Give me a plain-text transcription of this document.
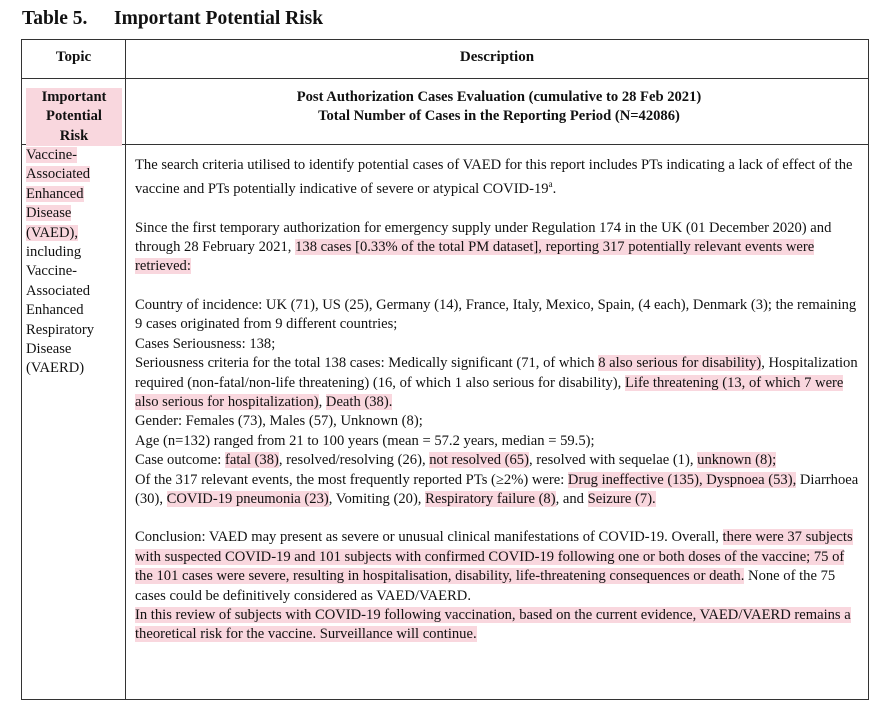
Table 5. Important Potential Risk
Topic	Description
Important
Potential
Risk
Post Authorization Cases Evaluation (cumulative to 28 Feb 2021)
Total Number of Cases in the Reporting Period (N=42086)
Vaccine-
Associated
Enhanced
Disease
(VAED),
including
Vaccine-
Associated
Enhanced
Respiratory
Disease
(VAERD)

The search criteria utilised to identify potential cases of VAED for this report includes PTs indicating a lack of effect of the vaccine and PTs potentially indicative of severe or atypical COVID-19$^a$.

Since the first temporary authorization for emergency supply under Regulation 174 in the UK (01 December 2020) and through 28 February 2021, 138 cases [0.33% of the total PM dataset], reporting 317 potentially relevant events were retrieved:

Country of incidence: UK (71), US (25), Germany (14), France, Italy, Mexico, Spain, (4 each), Denmark (3); the remaining 9 cases originated from 9 different countries;

Cases Seriousness: 138;

Seriousness criteria for the total 138 cases: Medically significant (71, of which 8 also serious for disability), Hospitalization required (non-fatal/non-life threatening) (16, of which 1 also serious for disability), Life threatening (13, of which 7 were also serious for hospitalization), Death (38).

Gender: Females (73), Males (57), Unknown (8);

Age (n=132) ranged from 21 to 100 years (mean = 57.2 years, median = 59.5);

Case outcome: fatal (38), resolved/resolving (26), not resolved (65), resolved with sequelae (1), unknown (8);

Of the 317 relevant events, the most frequently reported PTs (≥2%) were: Drug ineffective (135), Dyspnoea (53), Diarrhoea (30), COVID-19 pneumonia (23), Vomiting (20), Respiratory failure (8), and Seizure (7).

Conclusion: VAED may present as severe or unusual clinical manifestations of COVID-19. Overall, there were 37 subjects with suspected COVID-19 and 101 subjects with confirmed COVID-19 following one or both doses of the vaccine; 75 of the 101 cases were severe, resulting in hospitalisation, disability, life-threatening consequences or death. None of the 75 cases could be definitively considered as VAED/VAERD.

In this review of subjects with COVID-19 following vaccination, based on the current evidence, VAED/VAERD remains a theoretical risk for the vaccine. Surveillance will continue.
